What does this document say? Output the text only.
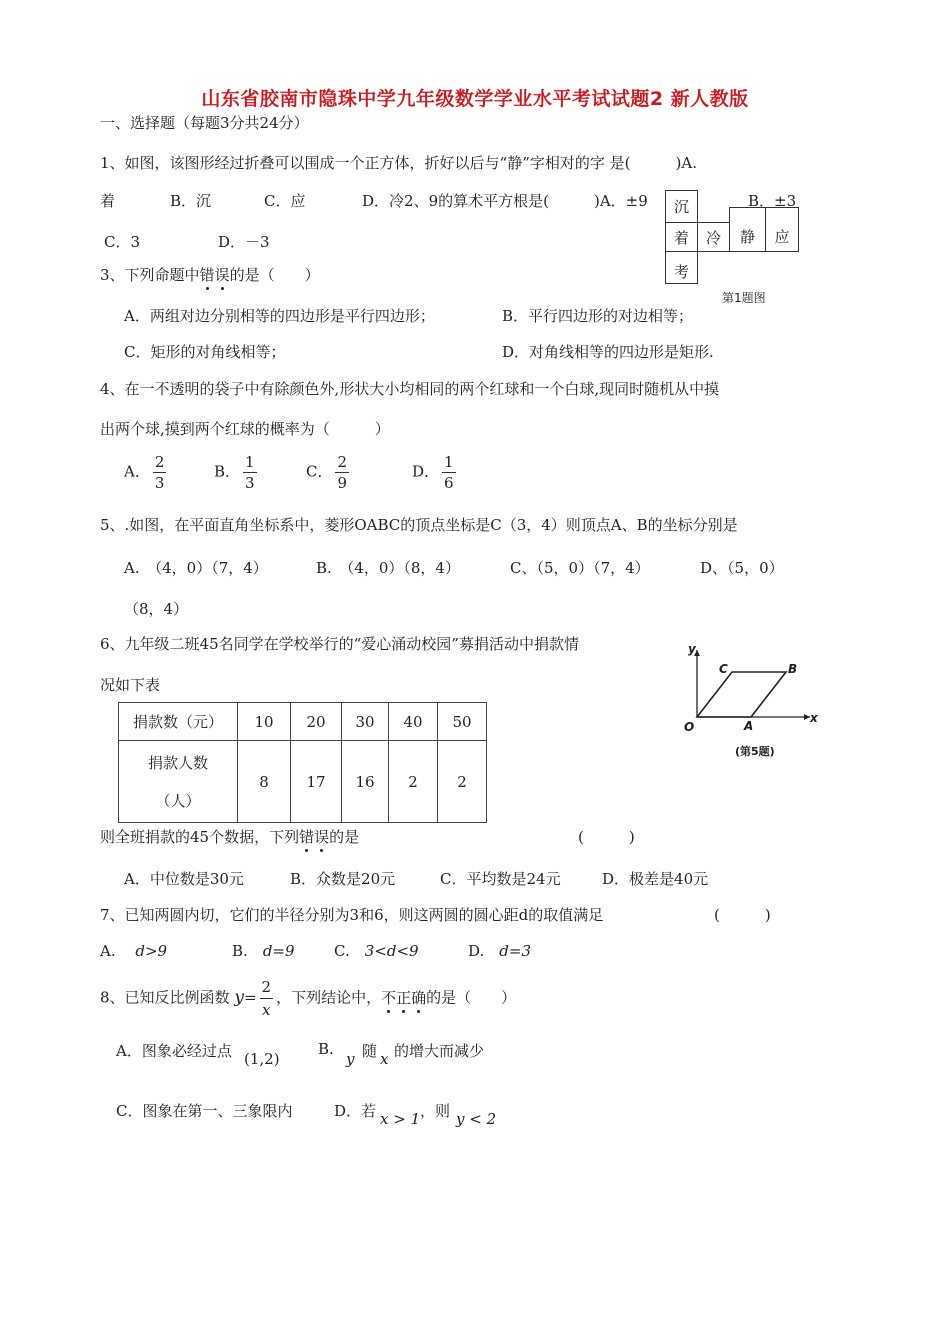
山东省胶南市隐珠中学九年级数学学业水平考试试题2 新人教版
一、选择题（每题3分共24分）
1、如图，该图形经过折叠可以围成一个正方体，折好以后与“静”字相对的字 是(　　　)A.
着	B．沉	C．应	D．冷2、9的算术平方根是(　　　)A．±9	B．±3
C．3	D．－3
沉
着	冷	静	应
考
第1题图
3、下列命题中错误的是（　　）
A．两组对边分别相等的四边形是平行四边形；	B．平行四边形的对边相等；
C．矩形的对角线相等；	D．对角线相等的四边形是矩形.
4、在一不透明的袋子中有除颜色外,形状大小均相同的两个红球和一个白球,现同时随机从中摸
出两个球,摸到两个红球的概率为（　　　）
A． $\frac{2}{3}$	B． $\frac{1}{3}$	C． $\frac{2}{9}$	D． $\frac{1}{6}$
5、.如图，在平面直角坐标系中，菱形OABC的顶点坐标是C（3，4）则顶点A、B的坐标分别是
A.　（4，0）（7，4）	B.　（4，0）（8，4）	C、（5，0）（7，4）	D、（5，0）
（8，4）
y
x
O	A
B
C
(第5题)
6、九年级二班45名同学在学校举行的“爱心涌动校园”募捐活动中捐款情
况如下表
捐款数（元）	10	20	30	40	50

捐款人数
（人）	8	17	16	2	2
则全班捐款的45个数据，下列错误的是	(　　　)
A．中位数是30元	B．众数是20元	C．平均数是24元	D．极差是40元
7、已知两圆内切，它们的半径分别为3和6，则这两圆的圆心距d的取值满足	(　　　)
A.　 d>9	B.　 d=9	C.　 3<d<9	D.　 d=3
8、已知反比例函数 $y= \frac{2}{x}$ ，下列结论中，不正确的是（　　）
A．图象必经过点 (1,2)
B.
y 随 x 的增大而减少
C．图象在第一、三象限内	D．若 x > 1 ，则 y < 2
